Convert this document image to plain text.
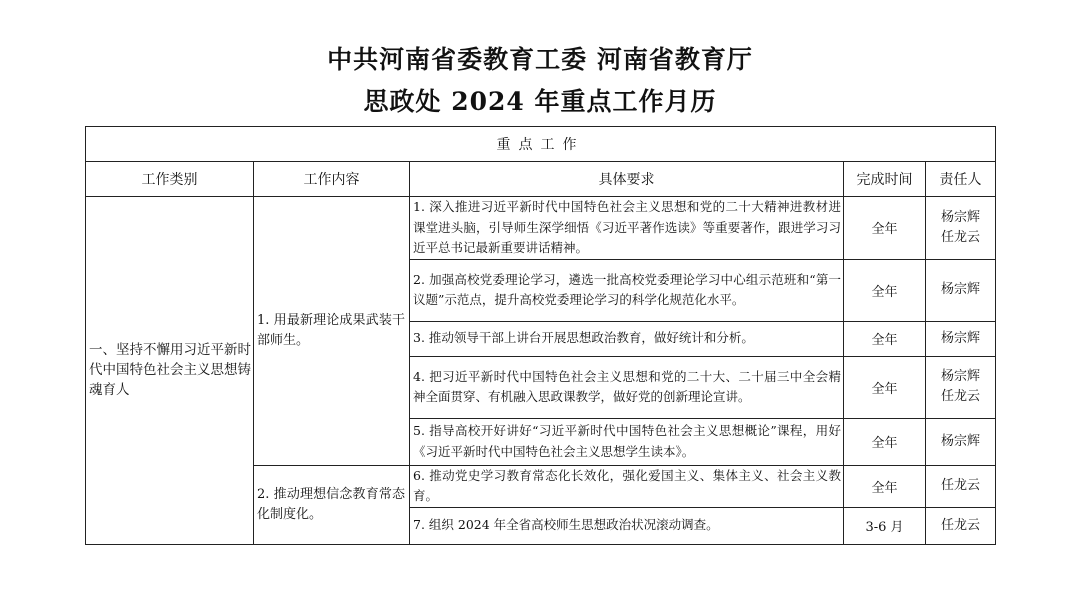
中共河南省委教育工委 河南省教育厅
思政处 2024 年重点工作月历
重点工作				
工作类别	工作内容	具体要求	完成时间	责任人
一、坚持不懈用习近平新时代中国特色社会主义思想铸魂育人	1. 用最新理论成果武装干部师生。	1. 深入推进习近平新时代中国特色社会主义思想和党的二十大精神进教材进课堂进头脑，引导师生深学细悟《习近平著作选读》等重要著作，跟进学习习近平总书记最新重要讲话精神。	全年	杨宗辉
任龙云

		2. 加强高校党委理论学习，遴选一批高校党委理论学习中心组示范班和“第一议题”示范点，提升高校党委理论学习的科学化规范化水平。	全年	杨宗辉

		3. 推动领导干部上讲台开展思想政治教育，做好统计和分析。	全年	杨宗辉

		4. 把习近平新时代中国特色社会主义思想和党的二十大、二十届三中全会精神全面贯穿、有机融入思政课教学，做好党的创新理论宣讲。	全年	杨宗辉
任龙云

		5. 指导高校开好讲好“习近平新时代中国特色社会主义思想概论”课程，用好《习近平新时代中国特色社会主义思想学生读本》。	全年	杨宗辉

	2. 推动理想信念教育常态化制度化。	6. 推动党史学习教育常态化长效化，强化爱国主义、集体主义、社会主义教育。	全年	任龙云

		7. 组织 2024 年全省高校师生思想政治状况滚动调查。	3-6 月	任龙云
